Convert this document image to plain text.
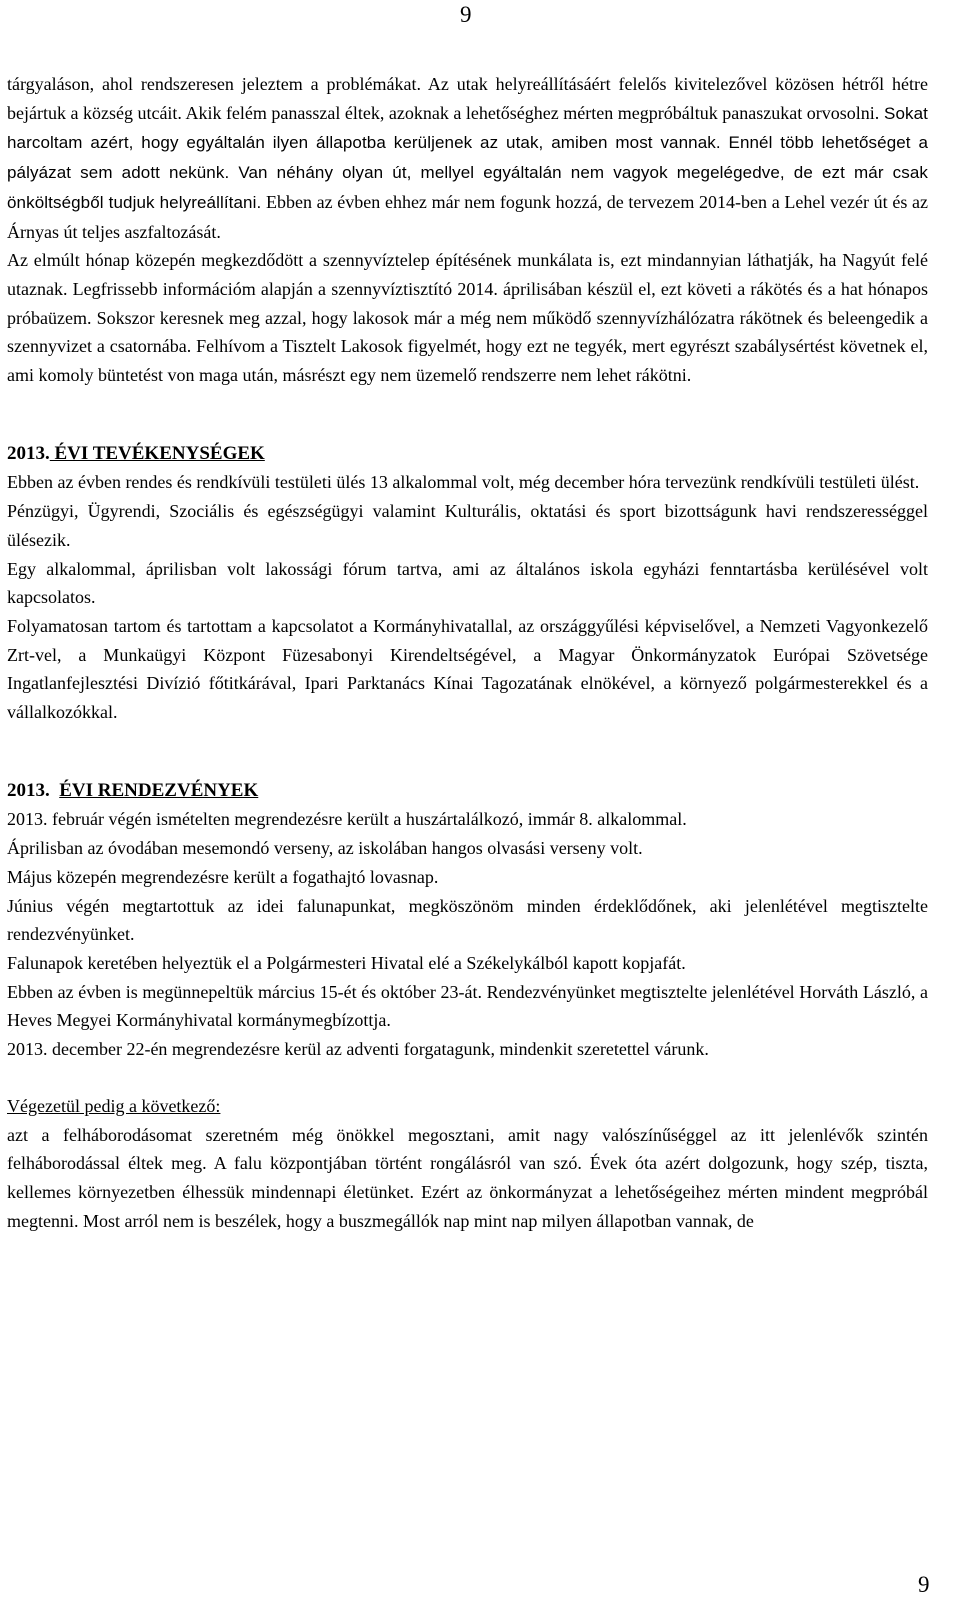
9

tárgyaláson, ahol rendszeresen jeleztem a problémákat. Az utak helyreállításáért felelős kivitelezővel közösen hétről hétre bejártuk a község utcáit. Akik felém panasszal éltek, azoknak a lehetőséghez mérten megpróbáltuk panaszukat orvosolni. Sokat harcoltam azért, hogy egyáltalán ilyen állapotba kerüljenek az utak, amiben most vannak. Ennél több lehetőséget a pályázat sem adott nekünk. Van néhány olyan út, mellyel egyáltalán nem vagyok megelégedve, de ezt már csak önköltségből tudjuk helyreállítani. Ebben az évben ehhez már nem fogunk hozzá, de tervezem 2014-ben a Lehel vezér út és az Árnyas út teljes aszfaltozását.

Az elmúlt hónap közepén megkezdődött a szennyvíztelep építésének munkálata is, ezt mindannyian láthatják, ha Nagyút felé utaznak. Legfrissebb információm alapján a szennyvíztisztító 2014. áprilisában készül el, ezt követi a rákötés és a hat hónapos próbaüzem. Sokszor keresnek meg azzal, hogy lakosok már a még nem működő szennyvízhálózatra rákötnek és beleengedik a szennyvizet a csatornába. Felhívom a Tisztelt Lakosok figyelmét, hogy ezt ne tegyék, mert egyrészt szabálysértést követnek el, ami komoly büntetést von maga után, másrészt egy nem üzemelő rendszerre nem lehet rákötni.

2013. ÉVI TEVÉKENYSÉGEK

Ebben az évben rendes és rendkívüli testületi ülés 13 alkalommal volt, még december hóra tervezünk rendkívüli testületi ülést.

Pénzügyi, Ügyrendi, Szociális és egészségügyi valamint Kulturális, oktatási és sport bizottságunk havi rendszerességgel ülésezik.

Egy alkalommal, áprilisban volt lakossági fórum tartva, ami az általános iskola egyházi fenntartásba kerülésével volt kapcsolatos.

Folyamatosan tartom és tartottam a kapcsolatot a Kormányhivatallal, az országgyűlési képviselővel, a Nemzeti Vagyonkezelő Zrt-vel, a Munkaügyi Központ Füzesabonyi Kirendeltségével, a Magyar Önkormányzatok Európai Szövetsége Ingatlanfejlesztési Divízió főtitkárával, Ipari Parktanács Kínai Tagozatának elnökével, a környező polgármesterekkel és a vállalkozókkal.

2013. ÉVI RENDEZVÉNYEK

2013. február végén ismételten megrendezésre került a huszártalálkozó, immár 8. alkalommal.

Áprilisban az óvodában mesemondó verseny, az iskolában hangos olvasási verseny volt.

Május közepén megrendezésre került a fogathajtó lovasnap.

Június végén megtartottuk az idei falunapunkat, megköszönöm minden érdeklődőnek, aki jelenlétével megtisztelte rendezvényünket.

Falunapok keretében helyeztük el a Polgármesteri Hivatal elé a Székelykálból kapott kopjafát.

Ebben az évben is megünnepeltük március 15-ét és október 23-át. Rendezvényünket megtisztelte jelenlétével Horváth László, a Heves Megyei Kormányhivatal kormánymegbízottja.

2013. december 22-én megrendezésre kerül az adventi forgatagunk, mindenkit szeretettel várunk.

Végezetül pedig a következő:

azt a felháborodásomat szeretném még önökkel megosztani, amit nagy valószínűséggel az itt jelenlévők szintén felháborodással éltek meg. A falu központjában történt rongálásról van szó. Évek óta azért dolgozunk, hogy szép, tiszta, kellemes környezetben élhessük mindennapi életünket. Ezért az önkormányzat a lehetőségeihez mérten mindent megpróbál megtenni. Most arról nem is beszélek, hogy a buszmegállók nap mint nap milyen állapotban vannak, de

9
